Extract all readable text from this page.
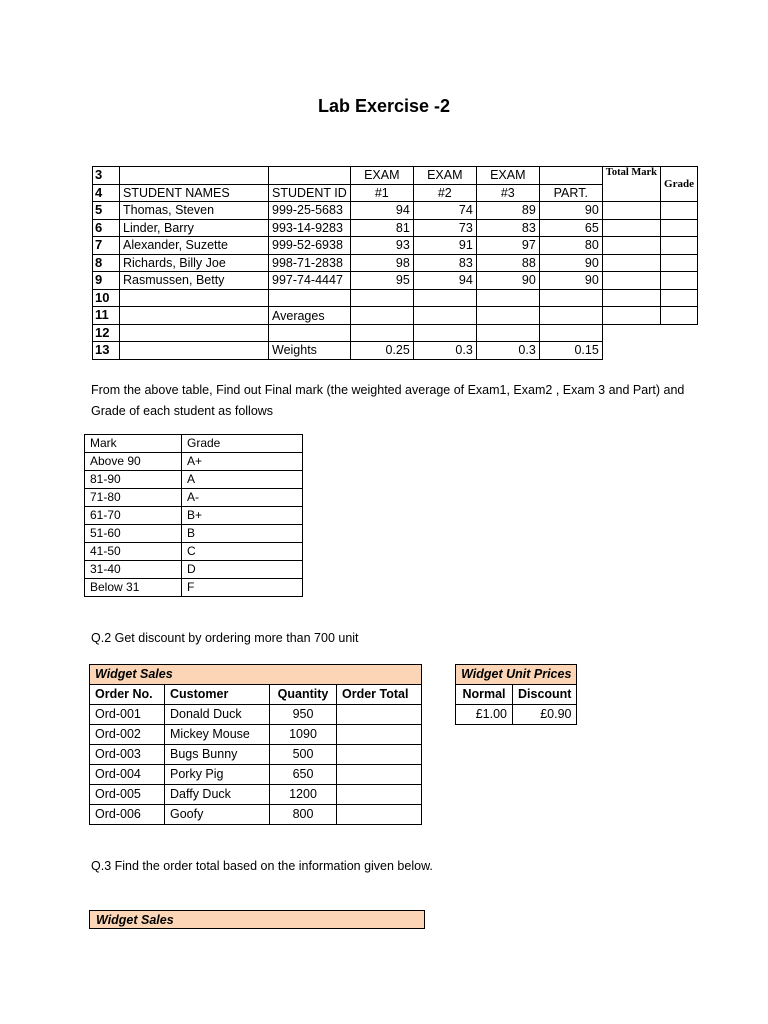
Lab Exercise -2
3			EXAM	EXAM	EXAM		Total Mark	Grade
4	STUDENT NAMES	STUDENT ID	#1	#2	#3	PART.		
5	Thomas, Steven	999-25-5683	94	74	89	90		
6	Linder, Barry	993-14-9283	81	73	83	65		
7	Alexander, Suzette	999-52-6938	93	91	97	80		
8	Richards, Billy Joe	998-71-2838	98	83	88	90		
9	Rasmussen, Betty	997-74-4447	95	94	90	90		
10								
11		Averages						
12								
13		Weights	0.25	0.3	0.3	0.15		
From the above table, Find out Final mark (the weighted average of Exam1, Exam2 , Exam 3 and Part) and Grade of each student as follows
Mark	Grade
Above 90	A+
81-90	A
71-80	A-
61-70	B+
51-60	B
41-50	C
31-40	D
Below 31	F
Q.2 Get discount by ordering more than 700 unit
Widget Sales			
Order No.	Customer	Quantity	Order Total
Ord-001	Donald Duck	950	
Ord-002	Mickey Mouse	1090	
Ord-003	Bugs Bunny	500	
Ord-004	Porky Pig	650	
Ord-005	Daffy Duck	1200	
Ord-006	Goofy	800	
Widget Unit Prices	
Normal	Discount
£1.00	£0.90
Q.3 Find the order total based on the information given below.
Widget Sales
